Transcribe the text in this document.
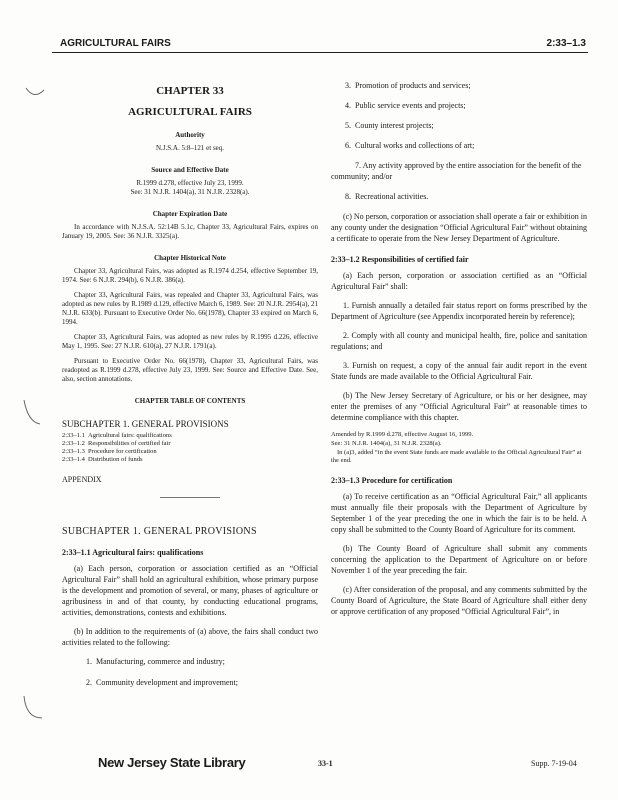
AGRICULTURAL FAIRS	2:33–1.3
CHAPTER 33
AGRICULTURAL FAIRS
Authority
N.J.S.A. 5:8–121 et seq.
Source and Effective Date
R.1999 d.278, effective July 23, 1999.
See: 31 N.J.R. 1404(a), 31 N.J.R. 2328(a).
Chapter Expiration Date
In accordance with N.J.S.A. 52:14B 5.1c, Chapter 33, Agricultural Fairs, expires on January 19, 2005. See: 36 N.J.R. 3325(a).
Chapter Historical Note
Chapter 33, Agricultural Fairs, was adopted as R.1974 d.254, effective September 19, 1974. See: 6 N.J.R. 294(b), 6 N.J.R. 386(a).
Chapter 33, Agricultural Fairs, was repealed and Chapter 33, Agricultural Fairs, was adopted as new rules by R.1989 d.129, effective March 6, 1989. See: 20 N.J.R. 2954(a), 21 N.J.R. 633(b). Pursuant to Executive Order No. 66(1978), Chapter 33 expired on March 6, 1994.
Chapter 33, Agricultural Fairs, was adopted as new rules by R.1995 d.226, effective May 1, 1995. See: 27 N.J.R. 610(a), 27 N.J.R. 1791(a).
Pursuant to Executive Order No. 66(1978), Chapter 33, Agricultural Fairs, was readopted as R.1999 d.278, effective July 23, 1999. See: Source and Effective Date. See, also, section annotations.
CHAPTER TABLE OF CONTENTS
SUBCHAPTER 1. GENERAL PROVISIONS
2:33–1.1 Agricultural fairs: qualifications
2:33–1.2 Responsibilities of certified fair
2:33–1.3 Procedure for certification
2:33–1.4 Distribution of funds
APPENDIX
SUBCHAPTER 1. GENERAL PROVISIONS
2:33–1.1 Agricultural fairs: qualifications
(a) Each person, corporation or association certified as an “Official Agricultural Fair” shall hold an agricultural exhibition, whose primary purpose is the development and promotion of several, or many, phases of agriculture or agribusiness in and of that county, by conducting educational programs, activities, demonstrations, contests and exhibitions.
(b) In addition to the requirements of (a) above, the fairs shall conduct two activities related to the following:
1. Manufacturing, commerce and industry;
2. Community development and improvement;
3. Promotion of products and services;
4. Public service events and projects;
5. County interest projects;
6. Cultural works and collections of art;
7. Any activity approved by the entire association for the benefit of the community; and/or
8. Recreational activities.
(c) No person, corporation or association shall operate a fair or exhibition in any county under the designation “Official Agricultural Fair” without obtaining a certificate to operate from the New Jersey Department of Agriculture.
2:33–1.2 Responsibilities of certified fair
(a) Each person, corporation or association certified as an “Official Agricultural Fair” shall:
1. Furnish annually a detailed fair status report on forms prescribed by the Department of Agriculture (see Appendix incorporated herein by reference);
2. Comply with all county and municipal health, fire, police and sanitation regulations; and
3. Furnish on request, a copy of the annual fair audit report in the event State funds are made available to the Official Agricultural Fair.
(b) The New Jersey Secretary of Agriculture, or his or her designee, may enter the premises of any “Official Agricultural Fair” at reasonable times to determine compliance with this chapter.
Amended by R.1999 d.278, effective August 16, 1999.
See: 31 N.J.R. 1404(a), 31 N.J.R. 2328(a).
In (a)3, added “in the event State funds are made available to the Official Agricultural Fair” at the end.
2:33–1.3 Procedure for certification
(a) To receive certification as an “Official Agricultural Fair,” all applicants must annually file their proposals with the Department of Agriculture by September 1 of the year preceding the one in which the fair is to be held. A copy shall be submitted to the County Board of Agriculture for its comment.
(b) The County Board of Agriculture shall submit any comments concerning the application to the Department of Agriculture on or before November 1 of the year preceding the fair.
(c) After consideration of the proposal, and any comments submitted by the County Board of Agriculture, the State Board of Agriculture shall either deny or approve certification of any proposed “Official Agricultural Fair”, in
New Jersey State Library	33-1	Supp. 7-19-04
